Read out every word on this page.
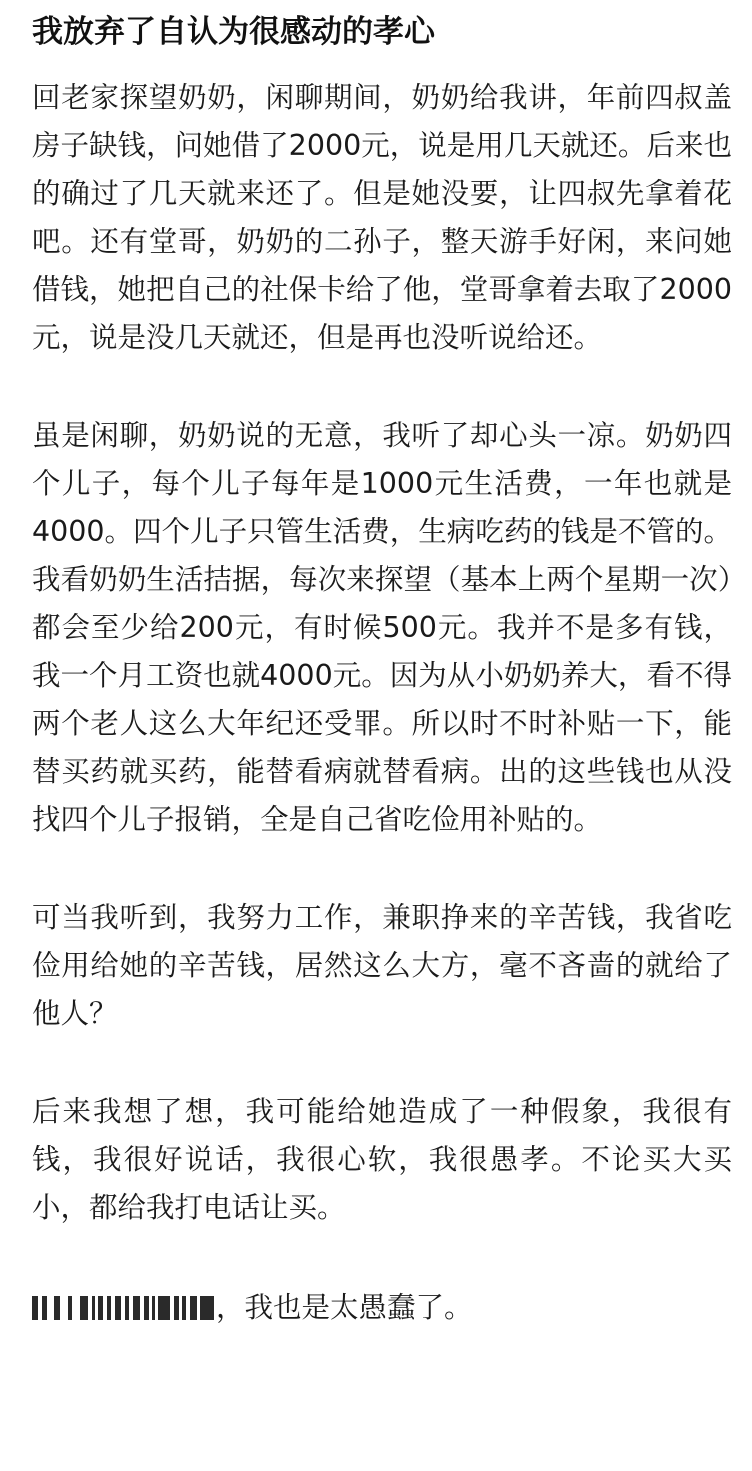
我放弃了自认为很感动的孝心

回老家探望奶奶，闲聊期间，奶奶给我讲，年前四叔盖房子缺钱，问她借了2000元，说是用几天就还。后来也的确过了几天就来还了。但是她没要，让四叔先拿着花吧。还有堂哥，奶奶的二孙子，整天游手好闲，来问她借钱，她把自己的社保卡给了他，堂哥拿着去取了2000元，说是没几天就还，但是再也没听说给还。

虽是闲聊，奶奶说的无意，我听了却心头一凉。奶奶四个儿子，每个儿子每年是1000元生活费，一年也就是4000。四个儿子只管生活费，生病吃药的钱是不管的。我看奶奶生活拮据，每次来探望（基本上两个星期一次）都会至少给200元，有时候500元。我并不是多有钱，我一个月工资也就4000元。因为从小奶奶养大，看不得两个老人这么大年纪还受罪。所以时不时补贴一下，能替买药就买药，能替看病就替看病。出的这些钱也从没找四个儿子报销，全是自己省吃俭用补贴的。

可当我听到，我努力工作，兼职挣来的辛苦钱，我省吃俭用给她的辛苦钱，居然这么大方，毫不吝啬的就给了他人？

后来我想了想，我可能给她造成了一种假象，我很有钱，我很好说话，我很心软，我很愚孝。不论买大买小，都给我打电话让买。

，我也是太愚蠢了。
